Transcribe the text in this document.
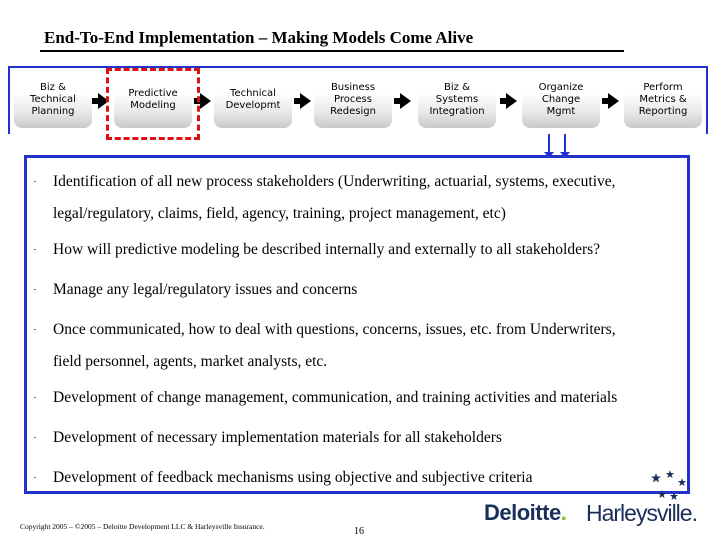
End-To-End Implementation – Making Models Come Alive
Biz &
Technical
Planning
Predictive
Modeling
Technical
Developmt
Business
Process
Redesign
Biz &
Systems
Integration
Organize
Change
Mgmt
Perform
Metrics &
Reporting
·	Identification of all new process stakeholders (Underwriting, actuarial, systems, executive,
legal/regulatory, claims, field, agency, training, project management, etc)
·	How will predictive modeling be described internally and externally to all stakeholders?
·	Manage any legal/regulatory issues and concerns
·	Once communicated, how to deal with questions, concerns, issues, etc. from Underwriters,
field personnel, agents, market analysts, etc.
·	Development of change management, communication, and training activities and materials
·	Development of necessary implementation materials for all stakeholders
·	Development of feedback mechanisms using objective and subjective criteria
Copyright 2005 – ©2005 – Deloitte Development LLC & Harleysville Insurance.	16
Deloitte. Harleysville.
